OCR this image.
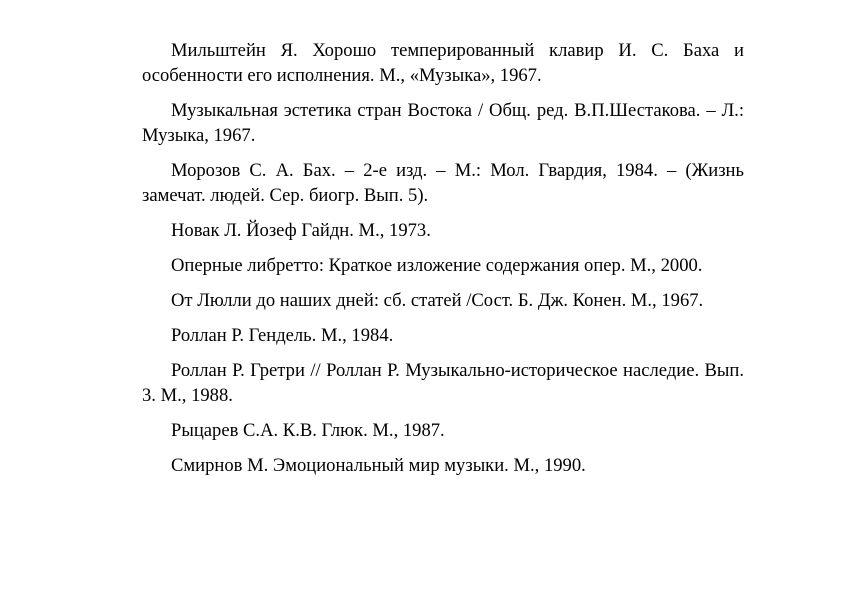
Мильштейн Я. Хорошо темперированный клавир И. С. Баха и особенности его исполнения. М., «Музыка», 1967.

Музыкальная эстетика стран Востока / Общ. ред. В.П.Шестакова. – Л.: Музыка, 1967.

Морозов С. А. Бах. – 2-е изд. – М.: Мол. Гвардия, 1984. – (Жизнь замечат. людей. Сер. биогр. Вып. 5).

Новак Л. Йозеф Гайдн. М., 1973.

Оперные либретто: Краткое изложение содержания опер. М., 2000.

От Люлли до наших дней: сб. статей /Сост. Б. Дж. Конен. М., 1967.

Роллан Р. Гендель. М., 1984.

Роллан Р. Гретри // Роллан Р. Музыкально-историческое наследие. Вып. 3. М., 1988.

Рыцарев С.А. К.В. Глюк. М., 1987.

Смирнов М. Эмоциональный мир музыки. М., 1990.
